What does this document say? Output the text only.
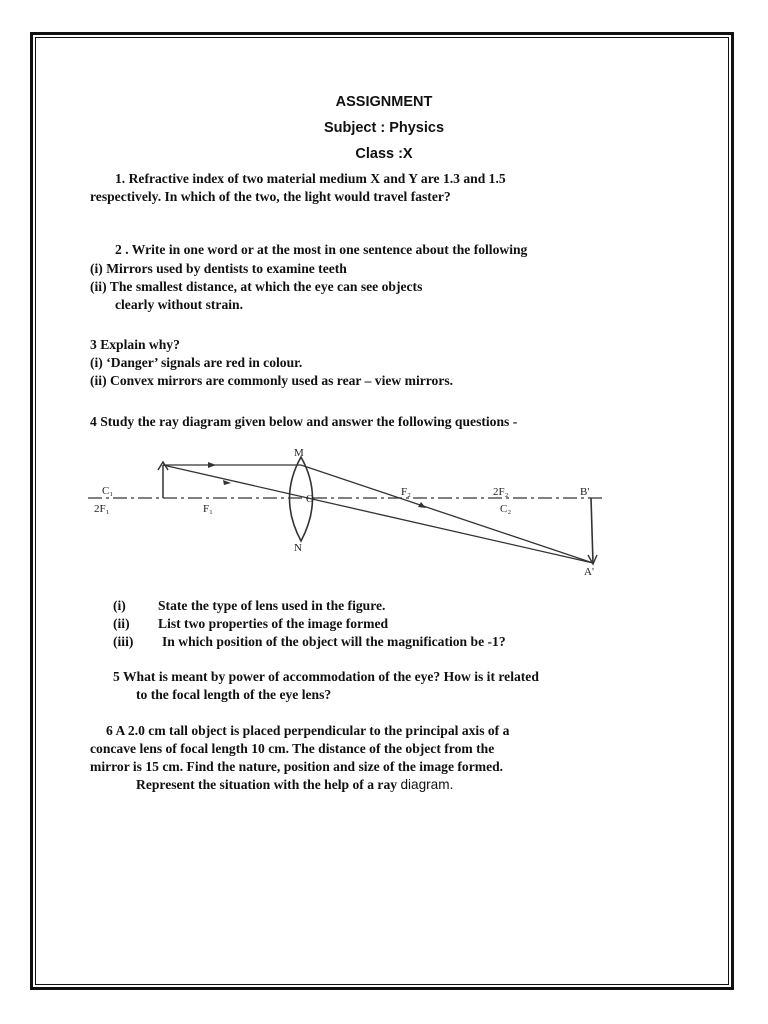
ASSIGNMENT
Subject : Physics
Class :X
1. Refractive index of two material medium X and Y are 1.3 and 1.5
respectively. In which of the two, the light would travel faster?
2 . Write in one word or at the most in one sentence about the following
(i) Mirrors used by dentists to examine teeth
(ii) The smallest distance, at which the eye can see objects
clearly without strain.
3 Explain why?
(i) ‘Danger’ signals are red in colour.
(ii) Convex mirrors are commonly used as rear – view mirrors.
4 Study the ray diagram given below and answer the following questions -
C₁
2F₁	F₁
M
O
N
F₂	2F₂
C₂
B'
A'
(i) State the type of lens used in the figure.
(ii) List two properties of the image formed
(iii) In which position of the object will the magnification be -1?
5 What is meant by power of accommodation of the eye? How is it related
to the focal length of the eye lens?
6 A 2.0 cm tall object is placed perpendicular to the principal axis of a
concave lens of focal length 10 cm. The distance of the object from the
mirror is 15 cm. Find the nature, position and size of the image formed.
Represent the situation with the help of a ray diagram.
